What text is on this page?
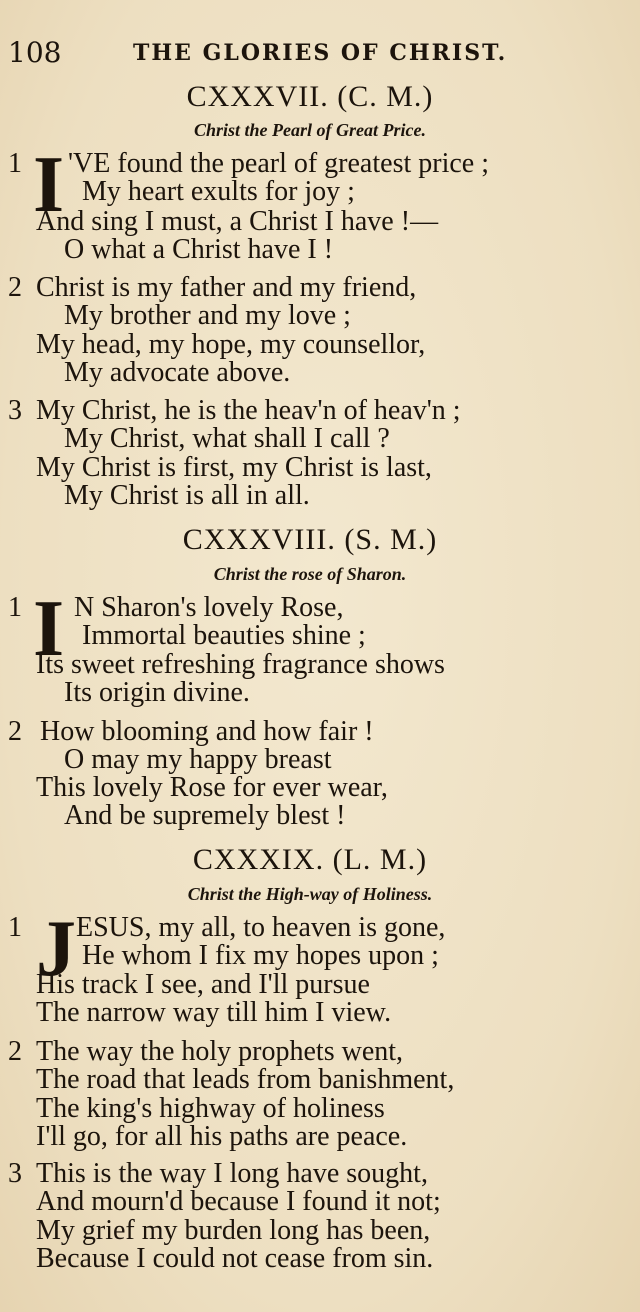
108	THE GLORIES OF CHRIST.
CXXXVII. (C. M.)
Christ the Pearl of Great Price.
1 I 'VE found the pearl of greatest price ;
My heart exults for joy ;
And sing I must, a Christ I have !—
O what a Christ have I !
2 Christ is my father and my friend,
My brother and my love ;
My head, my hope, my counsellor,
My advocate above.
3 My Christ, he is the heav'n of heav'n ;
My Christ, what shall I call ?
My Christ is first, my Christ is last,
My Christ is all in all.
CXXXVIII. (S. M.)
Christ the rose of Sharon.
1 I N Sharon's lovely Rose,
Immortal beauties shine ;
Its sweet refreshing fragrance shows
Its origin divine.
2 How blooming and how fair !
O may my happy breast
This lovely Rose for ever wear,
And be supremely blest !
CXXXIX. (L. M.)
Christ the High-way of Holiness.
1 J ESUS, my all, to heaven is gone,
He whom I fix my hopes upon ;
His track I see, and I'll pursue
The narrow way till him I view.
2 The way the holy prophets went,
The road that leads from banishment,
The king's highway of holiness
I'll go, for all his paths are peace.
3 This is the way I long have sought,
And mourn'd because I found it not;
My grief my burden long has been,
Because I could not cease from sin.
